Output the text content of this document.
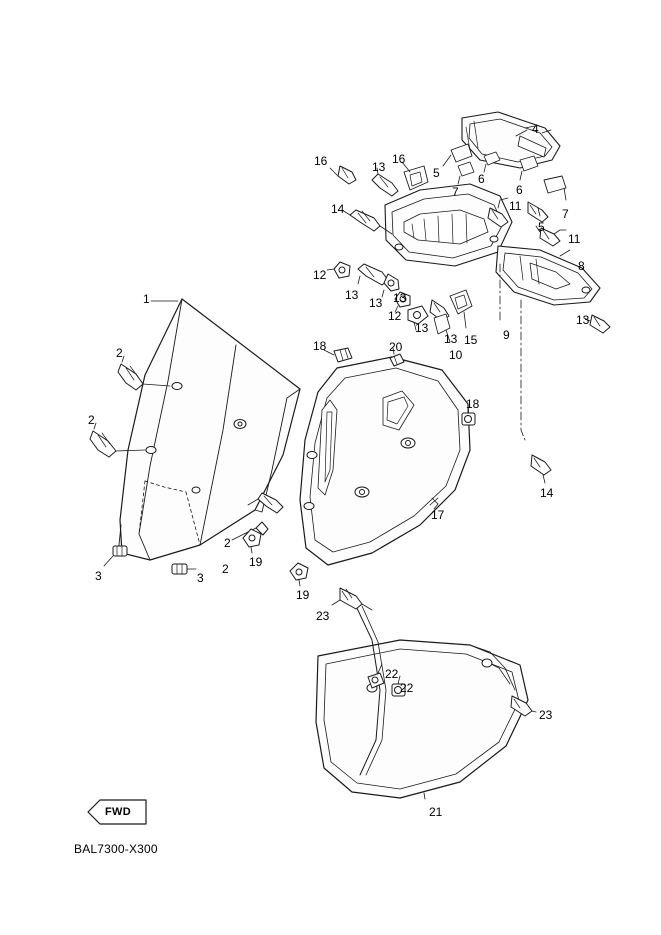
FWD
BAL7300-X300
1
2
2
2
2
3	3
4
5
5
6
6
7
7
8
9
10
11
11
12
12
13
13
13 13
13
13
13
14
14
15
16	16
17
18
18
19
19
20
21
22
22
23
23
